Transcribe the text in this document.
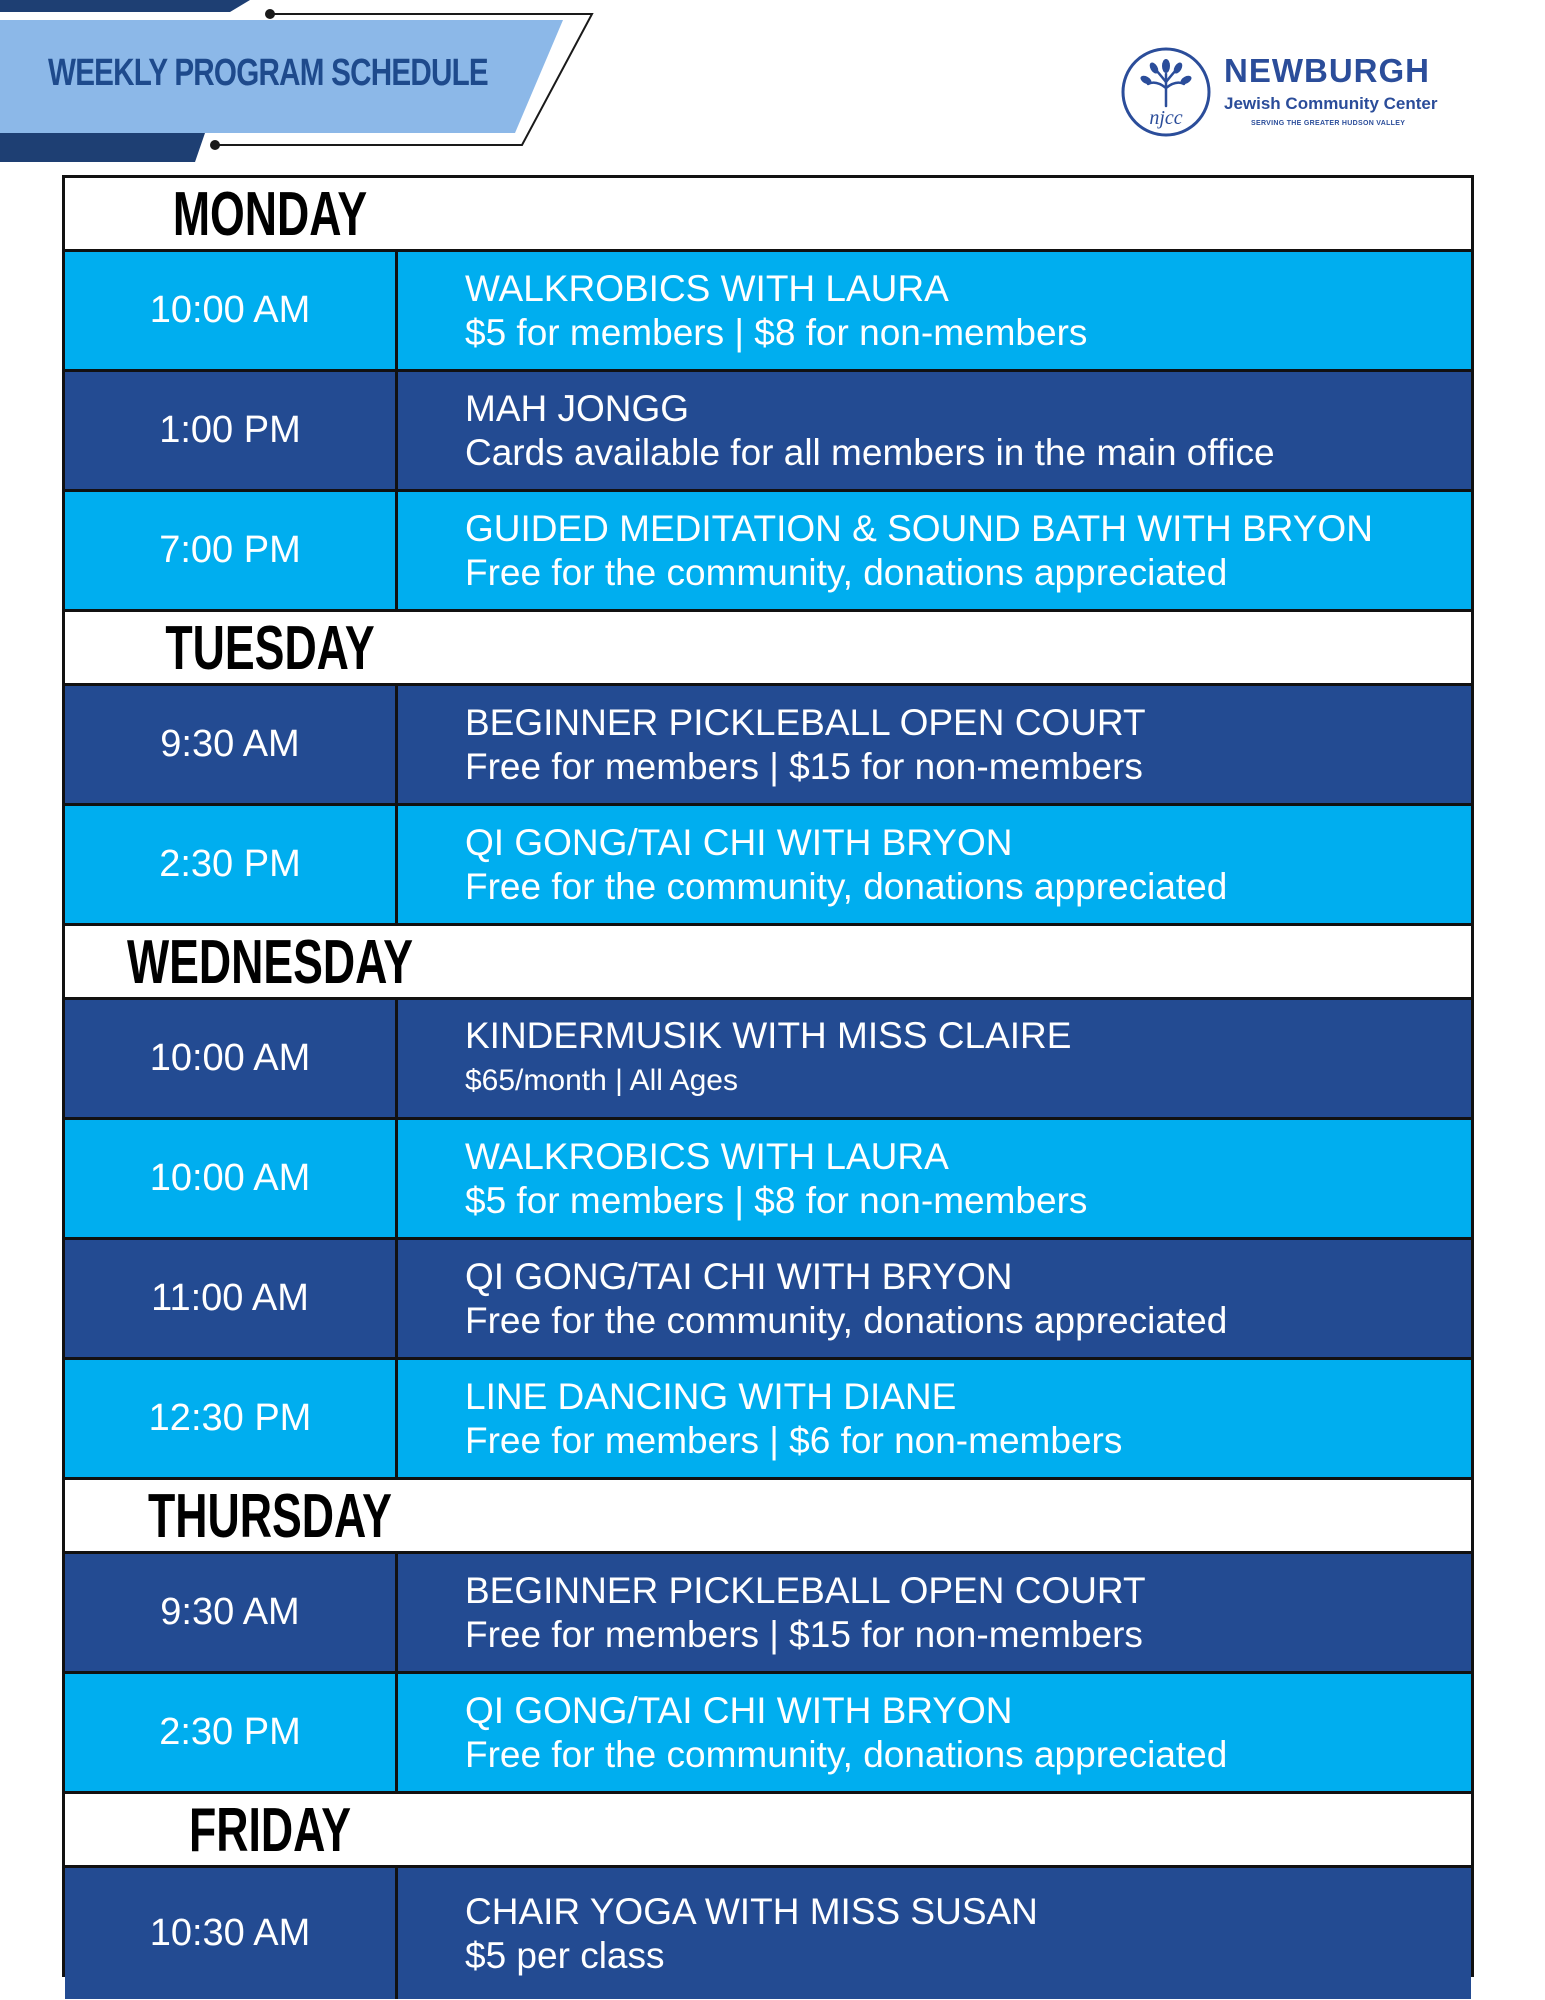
WEEKLY PROGRAM SCHEDULE
njcc
NEWBURGH
Jewish Community Center
SERVING THE GREATER HUDSON VALLEY
MONDAY
10:00 AM
WALKROBICS WITH LAURA
$5 for members | $8 for non-members
1:00 PM
MAH JONGG
Cards available for all members in the main office
7:00 PM
GUIDED MEDITATION & SOUND BATH WITH BRYON
Free for the community, donations appreciated
TUESDAY
9:30 AM
BEGINNER PICKLEBALL OPEN COURT
Free for members | $15 for non-members
2:30 PM
QI GONG/TAI CHI WITH BRYON
Free for the community, donations appreciated
WEDNESDAY
10:00 AM
KINDERMUSIK WITH MISS CLAIRE
$65/month | All Ages
10:00 AM
WALKROBICS WITH LAURA
$5 for members | $8 for non-members
11:00 AM
QI GONG/TAI CHI WITH BRYON
Free for the community, donations appreciated
12:30 PM
LINE DANCING WITH DIANE
Free for members | $6 for non-members
THURSDAY
9:30 AM
BEGINNER PICKLEBALL OPEN COURT
Free for members | $15 for non-members
2:30 PM
QI GONG/TAI CHI WITH BRYON
Free for the community, donations appreciated
FRIDAY
10:30 AM
CHAIR YOGA WITH MISS SUSAN
$5 per class
